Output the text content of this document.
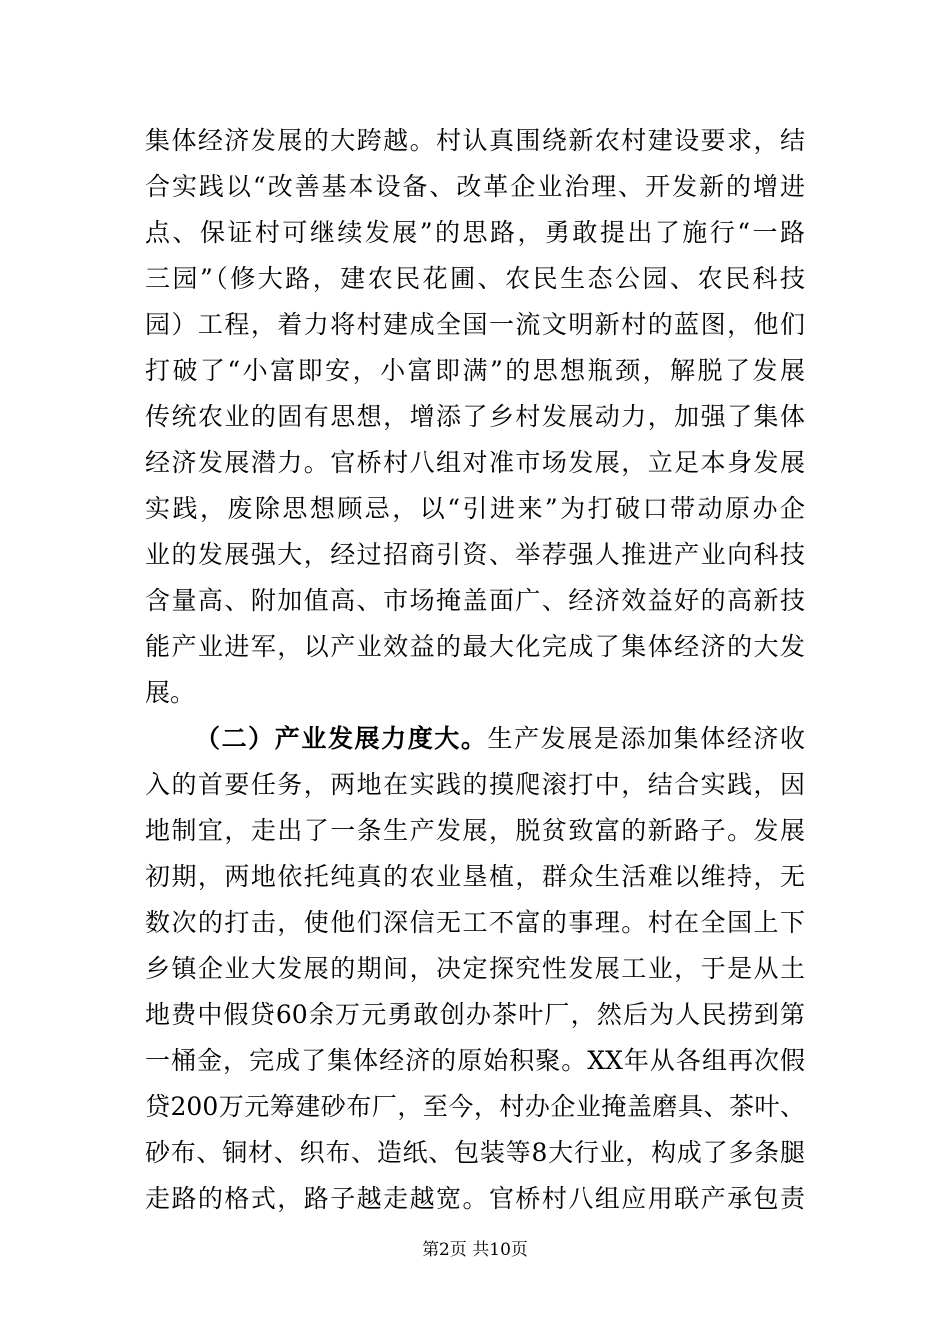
集体经济发展的大跨越。村认真围绕新农村建设要求，结
合实践以“改善基本设备、改革企业治理、开发新的增进
点、保证村可继续发展”的思路，勇敢提出了施行“一路
三园”（修大路，建农民花圃、农民生态公园、农民科技
园）工程，着力将村建成全国一流文明新村的蓝图，他们
打破了“小富即安，小富即满”的思想瓶颈，解脱了发展
传统农业的固有思想，增添了乡村发展动力，加强了集体
经济发展潜力。官桥村八组对准市场发展，立足本身发展
实践，废除思想顾忌，以“引进来”为打破口带动原办企
业的发展强大，经过招商引资、举荐强人推进产业向科技
含量高、附加值高、市场掩盖面广、经济效益好的高新技
能产业进军，以产业效益的最大化完成了集体经济的大发
展。
（二）产业发展力度大。生产发展是添加集体经济收
入的首要任务，两地在实践的摸爬滚打中，结合实践，因
地制宜，走出了一条生产发展，脱贫致富的新路子。发展
初期，两地依托纯真的农业垦植，群众生活难以维持，无
数次的打击，使他们深信无工不富的事理。村在全国上下
乡镇企业大发展的期间，决定探究性发展工业，于是从土
地费中假贷60余万元勇敢创办茶叶厂，然后为人民捞到第
一桶金，完成了集体经济的原始积聚。XX年从各组再次假
贷200万元筹建砂布厂，至今，村办企业掩盖磨具、茶叶、
砂布、铜材、织布、造纸、包装等8大行业，构成了多条腿
走路的格式，路子越走越宽。官桥村八组应用联产承包责
第2页 共10页
